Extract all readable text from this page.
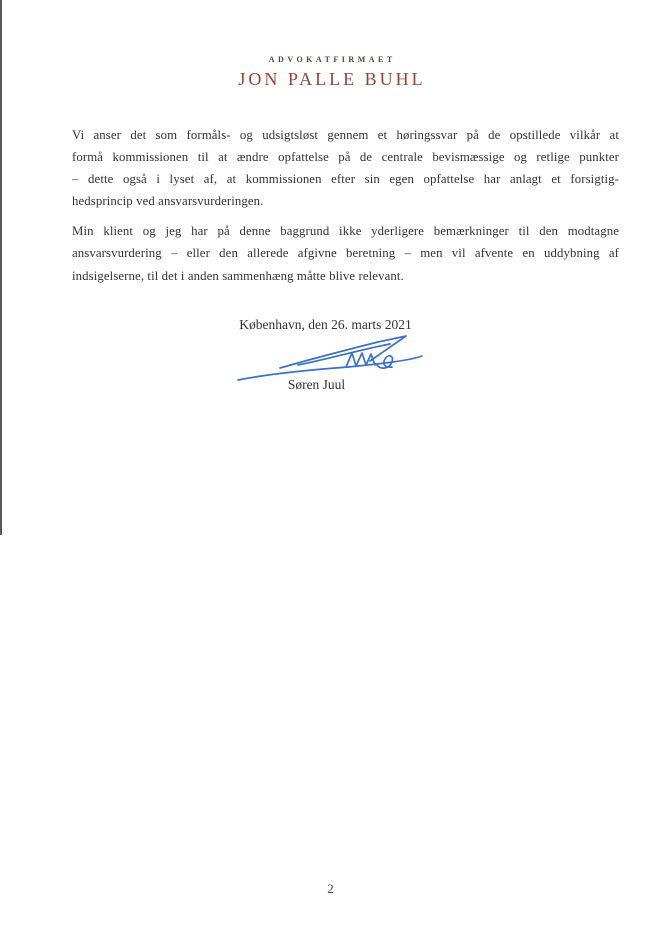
ADVOKATFIRMAET
JON PALLE BUHL
Vi anser det som formåls- og udsigtsløst gennem et høringssvar på de opstillede vilkår at
formå kommissionen til at ændre opfattelse på de centrale bevismæssige og retlige punkter
– dette også i lyset af, at kommissionen efter sin egen opfattelse har anlagt et forsigtig-
hedsprincip ved ansvarsvurderingen.
Min klient og jeg har på denne baggrund ikke yderligere bemærkninger til den modtagne
ansvarsvurdering – eller den allerede afgivne beretning – men vil afvente en uddybning af
indsigelserne, til det i anden sammenhæng måtte blive relevant.
København, den 26. marts 2021
Søren Juul
2
